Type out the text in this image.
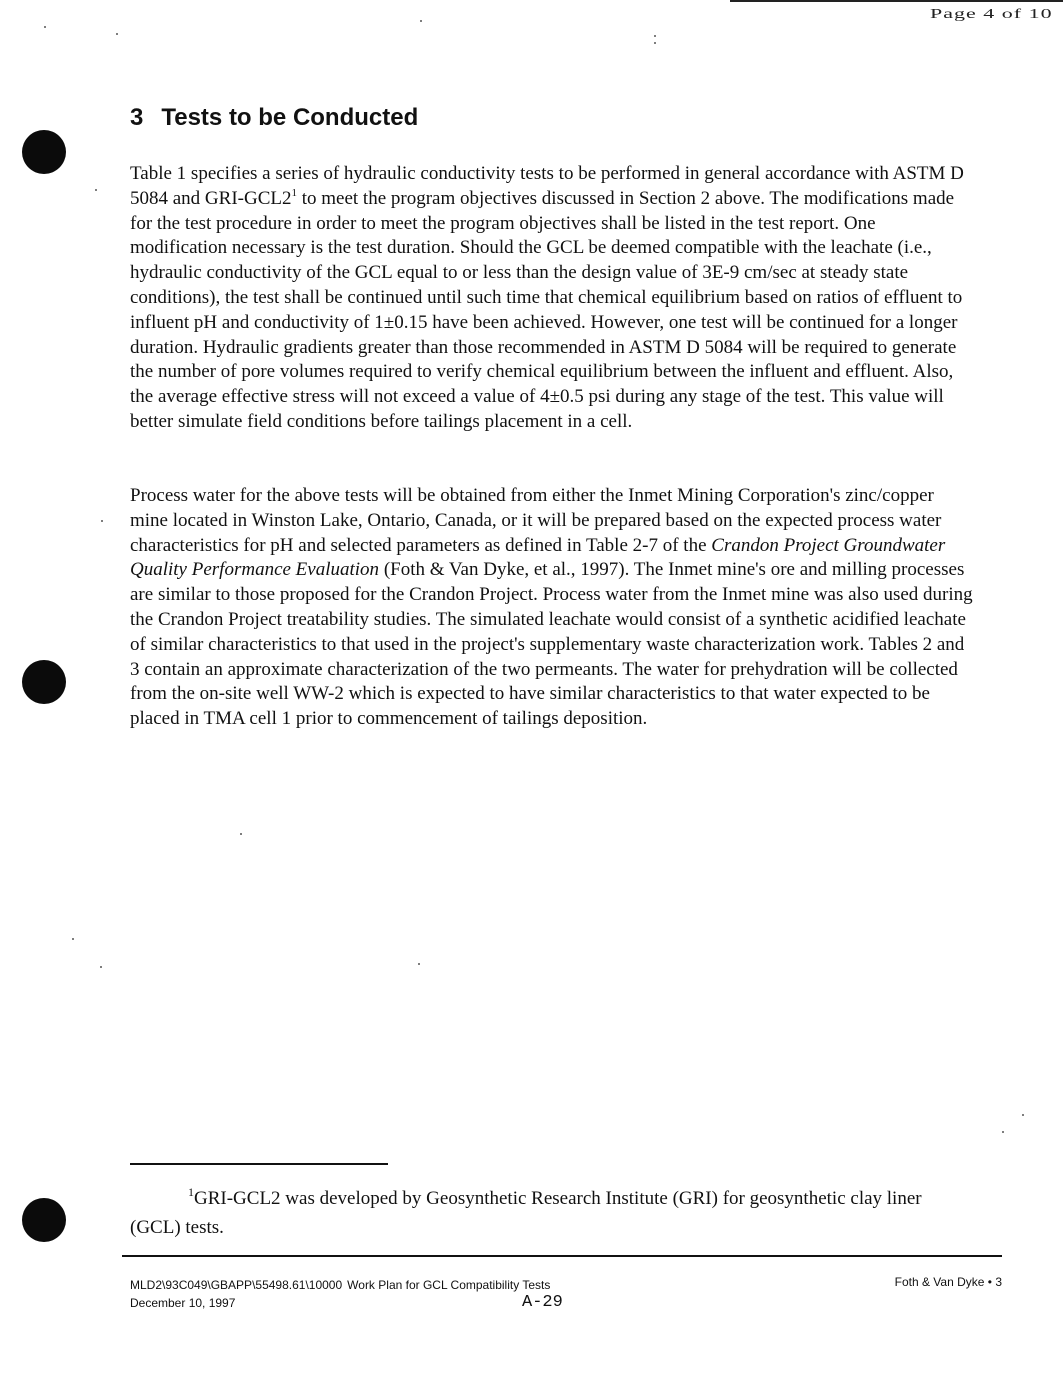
Page 4 of 10
3 Tests to be Conducted

Table 1 specifies a series of hydraulic conductivity tests to be performed in general accordance with ASTM D 5084 and GRI-$GCL2^1$ to meet the program objectives discussed in Section 2 above. The modifications made for the test procedure in order to meet the program objectives shall be listed in the test report. One modification necessary is the test duration. Should the GCL be deemed compatible with the leachate (i.e., hydraulic conductivity of the GCL equal to or less than the design value of 3E-9 cm/sec at steady state conditions), the test shall be continued until such time that chemical equilibrium based on ratios of effluent to influent pH and conductivity of 1±0.15 have been achieved. However, one test will be continued for a longer duration. Hydraulic gradients greater than those recommended in ASTM D 5084 will be required to generate the number of pore volumes required to verify chemical equilibrium between the influent and effluent. Also, the average effective stress will not exceed a value of 4±0.5 psi during any stage of the test. This value will better simulate field conditions before tailings placement in a cell.

Process water for the above tests will be obtained from either the Inmet Mining Corporation's zinc/copper mine located in Winston Lake, Ontario, Canada, or it will be prepared based on the expected process water characteristics for pH and selected parameters as defined in Table 2-7 of the Crandon Project Groundwater Quality Performance Evaluation (Foth & Van Dyke, et al., 1997). The Inmet mine's ore and milling processes are similar to those proposed for the Crandon Project. Process water from the Inmet mine was also used during the Crandon Project treatability studies. The simulated leachate would consist of a synthetic acidified leachate of similar characteristics to that used in the project's supplementary waste characterization work. Tables 2 and 3 contain an approximate characterization of the two permeants. The water for prehydration will be collected from the on-site well WW-2 which is expected to have similar characteristics to that water expected to be placed in TMA cell 1 prior to commencement of tailings deposition.

$^1$GRI-GCL2 was developed by Geosynthetic Research Institute (GRI) for geosynthetic clay liner (GCL) tests.

MLD2\93C049\GBAPP\55498.61\10000 Work Plan for GCL Compatibility Tests
December 10, 1997	A-29
Foth & Van Dyke • 3
